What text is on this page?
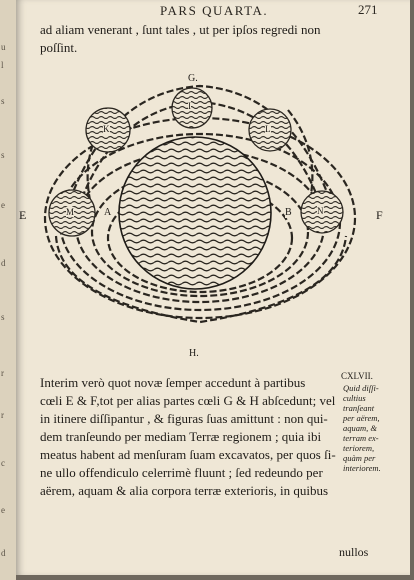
u
l
s
s
e
d
s
r
r
c
e
d
PARS QUARTA.	271
ad aliam venerant , ſunt tales , ut per ipſos regredi non
poſſint.
G.
H.
E	F
I
K	L
M	N
A	B
Interim verò quot novæ ſemper accedunt à partibus
cœli E & F,tot per alias partes cœli G & H abſcedunt; vel
in itinere diſſipantur , & figuras ſuas amittunt : non qui-
dem tranſeundo per mediam Terræ regionem ; quia ibi
meatus habent ad menſuram ſuam excavatos, per quos ſi-
ne ullo offendiculo celerrimè fluunt ; ſed redeundo per
aërem, aquam & alia corpora terræ exterioris, in quibus
CXLVII.
Quid diſſi-
cultius
tranſeant
per aërem,
aquam, &
terram ex-
teriorem,
quàm per
interiorem.
nullos
